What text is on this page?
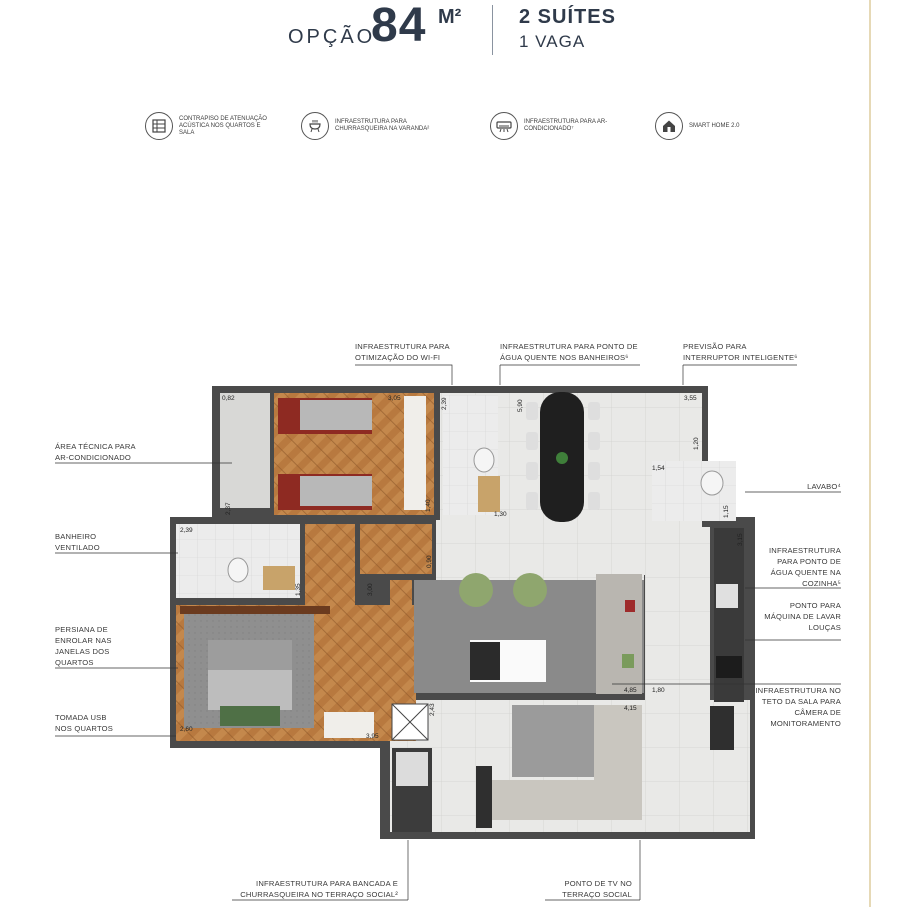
OPÇÃO
84 M²	2 SUÍTES
1 VAGA
CONTRAPISO DE ATENUAÇÃO ACÚSTICA NOS QUARTOS E SALA
INFRAESTRUTURA PARA CHURRASQUEIRA NA VARANDA²
INFRAESTRUTURA PARA AR-CONDICIONADO⁷
SMART HOME 2.0
0,82	3,05	3,55
1,54
1,30
2,39
4,85 1,80
4,15
2,60
3,95
2,39	5,90
1,20
2,37	1,15
0,90
3,15
1,35	3,00
2,43
1,40
INFRAESTRUTURA PARA OTIMIZAÇÃO DO WI-FI
INFRAESTRUTURA PARA PONTO DE ÁGUA QUENTE NOS BANHEIROS⁶
PREVISÃO PARA INTERRUPTOR INTELIGENTE⁶
ÁREA TÉCNICA PARA AR-CONDICIONADO
BANHEIRO VENTILADO
PERSIANA DE ENROLAR NAS JANELAS DOS QUARTOS
TOMADA USB NOS QUARTOS
LAVABO⁴
INFRAESTRUTURA PARA PONTO DE ÁGUA QUENTE NA COZINHA⁵
PONTO PARA MÁQUINA DE LAVAR LOUÇAS
INFRAESTRUTURA NO TETO DA SALA PARA CÂMERA DE MONITORAMENTO
INFRAESTRUTURA PARA BANCADA E CHURRASQUEIRA NO TERRAÇO SOCIAL²
PONTO DE TV NO TERRAÇO SOCIAL
